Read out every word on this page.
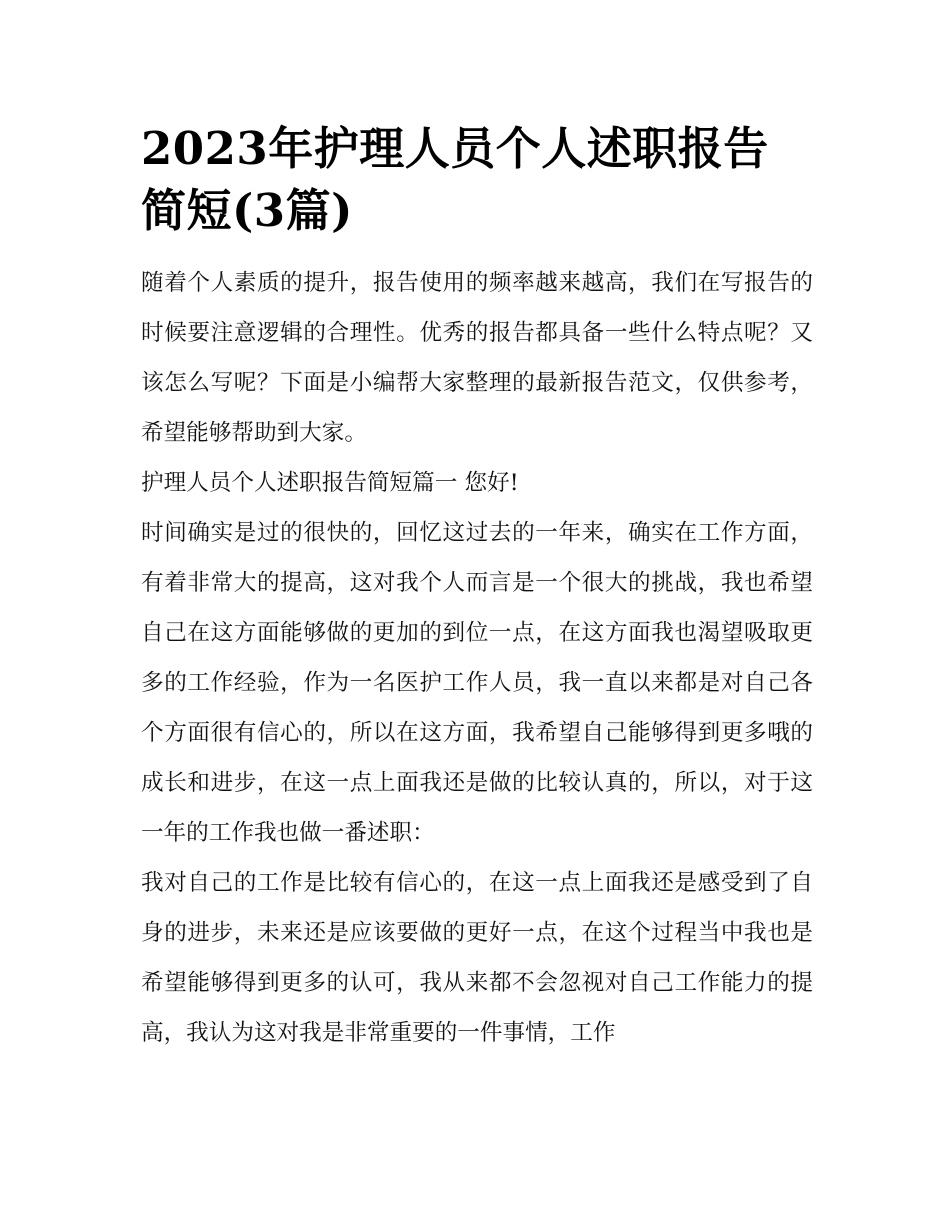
2023年护理人员个人述职报告简短(3篇)

随着个人素质的提升，报告使用的频率越来越高，我们在写报告的时候要注意逻辑的合理性。优秀的报告都具备一些什么特点呢？又该怎么写呢？下面是小编帮大家整理的最新报告范文，仅供参考，希望能够帮助到大家。

护理人员个人述职报告简短篇一 您好!

时间确实是过的很快的，回忆这过去的一年来，确实在工作方面，有着非常大的提高，这对我个人而言是一个很大的挑战，我也希望自己在这方面能够做的更加的到位一点，在这方面我也渴望吸取更多的工作经验，作为一名医护工作人员，我一直以来都是对自己各个方面很有信心的，所以在这方面，我希望自己能够得到更多哦的成长和进步，在这一点上面我还是做的比较认真的，所以，对于这一年的工作我也做一番述职：

我对自己的工作是比较有信心的，在这一点上面我还是感受到了自身的进步，未来还是应该要做的更好一点，在这个过程当中我也是希望能够得到更多的认可，我从来都不会忽视对自己工作能力的提高，我认为这对我是非常重要的一件事情，工作
